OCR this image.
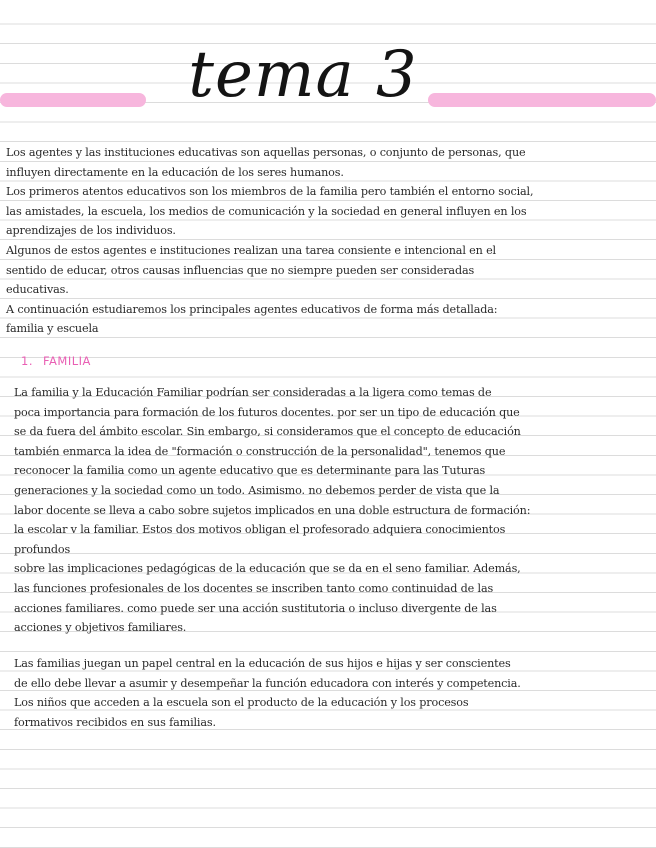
tema 3

Los agentes y las instituciones educativas son aquellas personas, o conjunto de personas, que
influyen directamente en la educación de los seres humanos.
Los primeros atentos educativos son los miembros de la familia pero también el entorno social,
las amistades, la escuela, los medios de comunicación y la sociedad en general influyen en los
aprendizajes de los individuos.
Algunos de estos agentes e instituciones realizan una tarea consiente e intencional en el
sentido de educar, otros causas influencias que no siempre pueden ser consideradas
educativas.
A continuación estudiaremos los principales agentes educativos de forma más detallada:
familia y escuela

1. FAMILIA

La familia y la Educación Familiar podrían ser consideradas a la ligera como temas de
poca importancia para formación de los futuros docentes. por ser un tipo de educación que
se da fuera del ámbito escolar. Sin embargo, si consideramos que el concepto de educación
también enmarca la idea de "formación o construcción de la personalidad", tenemos que
reconocer la familia como un agente educativo que es determinante para las Tuturas
generaciones y la sociedad como un todo. Asimismo. no debemos perder de vista que la
labor docente se lleva a cabo sobre sujetos implicados en una doble estructura de formación:
la escolar v la familiar. Estos dos motivos obligan el profesorado adquiera conocimientos
profundos
sobre las implicaciones pedagógicas de la educación que se da en el seno familiar. Además,
las funciones profesionales de los docentes se inscriben tanto como continuidad de las
acciones familiares. como puede ser una acción sustitutoria o incluso divergente de las
acciones y objetivos familiares.

Las familias juegan un papel central en la educación de sus hijos e hijas y ser conscientes
de ello debe llevar a asumir y desempeñar la función educadora con interés y competencia.
Los niños que acceden a la escuela son el producto de la educación y los procesos
formativos recibidos en sus familias.
